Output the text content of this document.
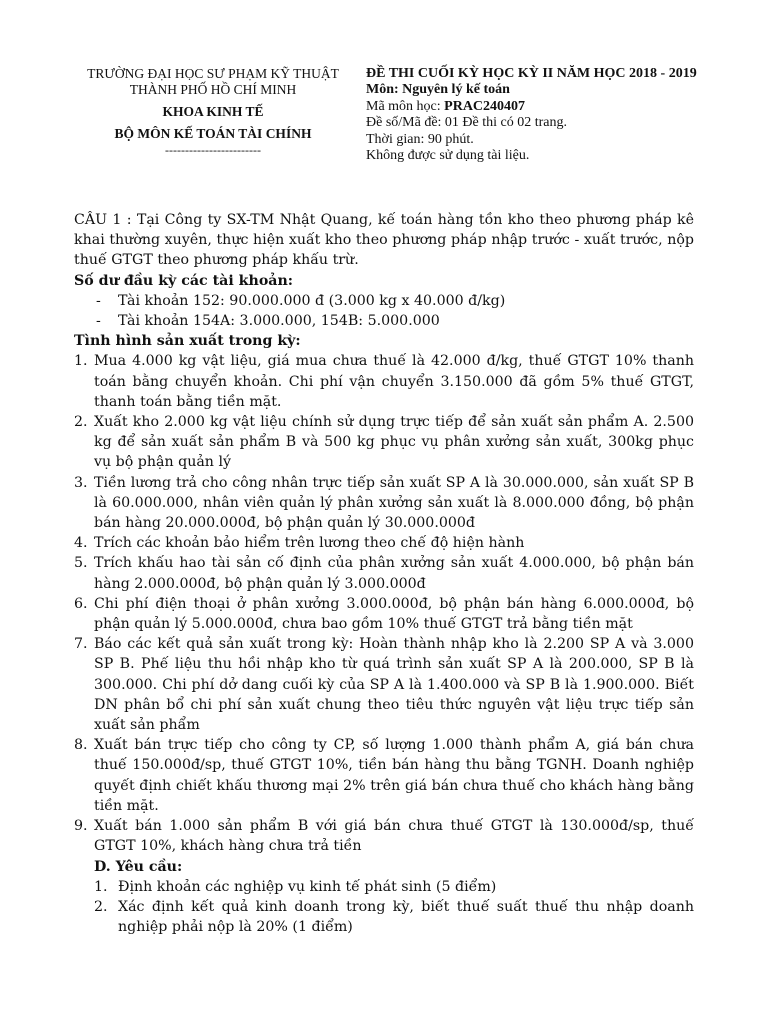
TRƯỜNG ĐẠI HỌC SƯ PHẠM KỸ THUẬT
THÀNH PHỐ HỒ CHÍ MINH
KHOA KINH TẾ
BỘ MÔN KẾ TOÁN TÀI CHÍNH
------------------------
ĐỀ THI CUỐI KỲ HỌC KỲ II NĂM HỌC 2018 - 2019
Môn: Nguyên lý kế toán
Mã môn học: PRAC240407
Đề số/Mã đề: 01 Đề thi có 02 trang.
Thời gian: 90 phút.
Không được sử dụng tài liệu.

CÂU 1 : Tại Công ty SX-TM Nhật Quang, kế toán hàng tồn kho theo phương pháp kê khai thường xuyên, thực hiện xuất kho theo phương pháp nhập trước - xuất trước, nộp thuế GTGT theo phương pháp khấu trừ.

Số dư đầu kỳ các tài khoản:

- Tài khoản 152: 90.000.000 đ (3.000 kg x 40.000 đ/kg)
- Tài khoản 154A: 3.000.000, 154B: 5.000.000

Tình hình sản xuất trong kỳ:

1. Mua 4.000 kg vật liệu, giá mua chưa thuế là 42.000 đ/kg, thuế GTGT 10% thanh toán bằng chuyển khoản. Chi phí vận chuyển 3.150.000 đã gồm 5% thuế GTGT, thanh toán bằng tiền mặt.
2. Xuất kho 2.000 kg vật liệu chính sử dụng trực tiếp để sản xuất sản phẩm A. 2.500 kg để sản xuất sản phẩm B và 500 kg phục vụ phân xưởng sản xuất, 300kg phục vụ bộ phận quản lý
3. Tiền lương trả cho công nhân trực tiếp sản xuất SP A là 30.000.000, sản xuất SP B là 60.000.000, nhân viên quản lý phân xưởng sản xuất là 8.000.000 đồng, bộ phận bán hàng 20.000.000đ, bộ phận quản lý 30.000.000đ
4. Trích các khoản bảo hiểm trên lương theo chế độ hiện hành
5. Trích khấu hao tài sản cố định của phân xưởng sản xuất 4.000.000, bộ phận bán hàng 2.000.000đ, bộ phận quản lý 3.000.000đ
6. Chi phí điện thoại ở phân xưởng 3.000.000đ, bộ phận bán hàng 6.000.000đ, bộ phận quản lý 5.000.000đ, chưa bao gồm 10% thuế GTGT trả bằng tiền mặt
7. Báo các kết quả sản xuất trong kỳ: Hoàn thành nhập kho là 2.200 SP A và 3.000 SP B. Phế liệu thu hồi nhập kho từ quá trình sản xuất SP A là 200.000, SP B là 300.000. Chi phí dở dang cuối kỳ của SP A là 1.400.000 và SP B là 1.900.000. Biết DN phân bổ chi phí sản xuất chung theo tiêu thức nguyên vật liệu trực tiếp sản xuất sản phẩm
8. Xuất bán trực tiếp cho công ty CP, số lượng 1.000 thành phẩm A, giá bán chưa thuế 150.000đ/sp, thuế GTGT 10%, tiền bán hàng thu bằng TGNH. Doanh nghiệp quyết định chiết khấu thương mại 2% trên giá bán chưa thuế cho khách hàng bằng tiền mặt.
9. Xuất bán 1.000 sản phẩm B với giá bán chưa thuế GTGT là 130.000đ/sp, thuế GTGT 10%, khách hàng chưa trả tiền

D. Yêu cầu:

1. Định khoản các nghiệp vụ kinh tế phát sinh (5 điểm)
2. Xác định kết quả kinh doanh trong kỳ, biết thuế suất thuế thu nhập doanh nghiệp phải nộp là 20% (1 điểm)
